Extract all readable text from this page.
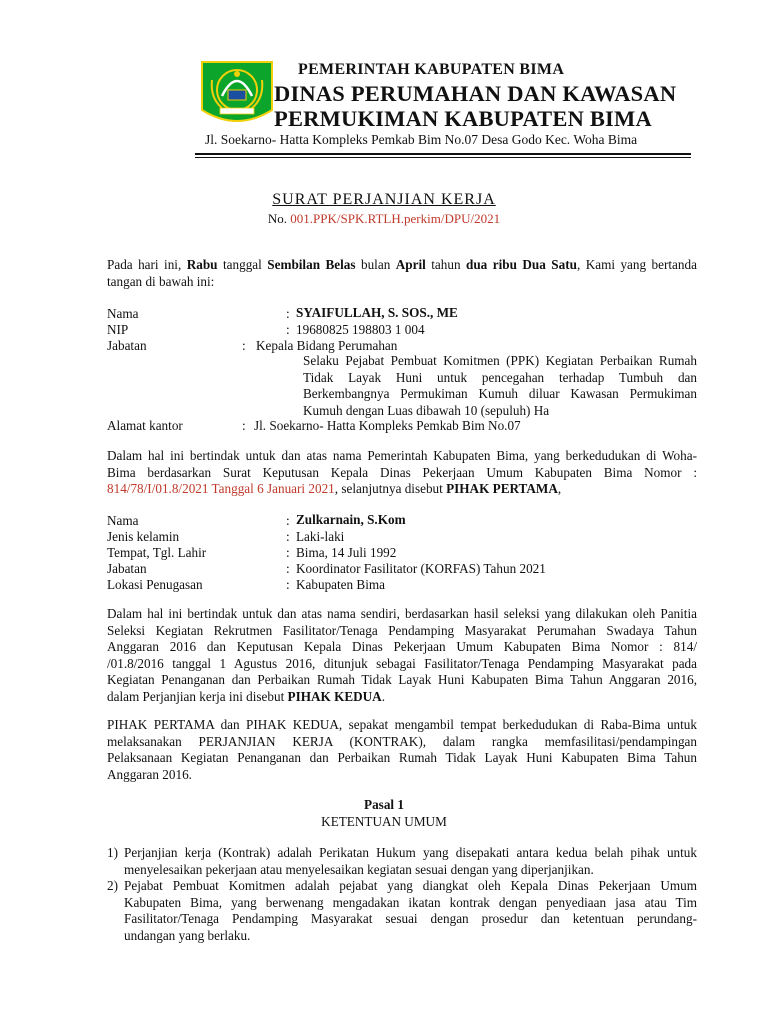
PEMERINTAH KABUPATEN BIMA
DINAS PERUMAHAN DAN KAWASAN
PERMUKIMAN KABUPATEN BIMA
Jl. Soekarno- Hatta Kompleks Pemkab Bim No.07 Desa Godo Kec. Woha Bima
SURAT PERJANJIAN KERJA
No. 001.PPK/SPK.RTLH.perkim/DPU/2021
Pada hari ini, Rabu tanggal Sembilan Belas bulan April tahun dua ribu Dua Satu, Kami yang bertanda tangan di bawah ini:
Nama	: SYAIFULLAH, S. SOS., ME
NIP	: 19680825 198803 1 004
Jabatan	: Kepala Bidang Perumahan
Selaku Pejabat Pembuat Komitmen (PPK) Kegiatan Perbaikan Rumah
Tidak Layak Huni untuk pencegahan terhadap Tumbuh dan
Berkembangnya Permukiman Kumuh diluar Kawasan Permukiman
Kumuh dengan Luas dibawah 10 (sepuluh) Ha
Alamat kantor	: Jl. Soekarno- Hatta Kompleks Pemkab Bim No.07
Dalam hal ini bertindak untuk dan atas nama Pemerintah Kabupaten Bima, yang berkedudukan di Woha-
Bima berdasarkan Surat Keputusan Kepala Dinas Pekerjaan Umum Kabupaten Bima Nomor :
814/78/I/01.8/2021 Tanggal 6 Januari 2021, selanjutnya disebut PIHAK PERTAMA,
Nama	: Zulkarnain, S.Kom
Jenis kelamin	: Laki-laki
Tempat, Tgl. Lahir	: Bima, 14 Juli 1992
Jabatan	: Koordinator Fasilitator (KORFAS) Tahun 2021
Lokasi Penugasan	: Kabupaten Bima
Dalam hal ini bertindak untuk dan atas nama sendiri, berdasarkan hasil seleksi yang dilakukan oleh Panitia
Seleksi Kegiatan Rekrutmen Fasilitator/Tenaga Pendamping Masyarakat Perumahan Swadaya Tahun
Anggaran 2016 dan Keputusan Kepala Dinas Pekerjaan Umum Kabupaten Bima Nomor : 814/
/01.8/2016 tanggal 1 Agustus 2016, ditunjuk sebagai Fasilitator/Tenaga Pendamping Masyarakat pada
Kegiatan Penanganan dan Perbaikan Rumah Tidak Layak Huni Kabupaten Bima Tahun Anggaran 2016,
dalam Perjanjian kerja ini disebut PIHAK KEDUA.
PIHAK PERTAMA dan PIHAK KEDUA, sepakat mengambil tempat berkedudukan di Raba-Bima untuk
melaksanakan PERJANJIAN KERJA (KONTRAK), dalam rangka memfasilitasi/pendampingan
Pelaksanaan Kegiatan Penanganan dan Perbaikan Rumah Tidak Layak Huni Kabupaten Bima Tahun
Anggaran 2016.
Pasal 1
KETENTUAN UMUM
1) Perjanjian kerja (Kontrak) adalah Perikatan Hukum yang disepakati antara kedua belah pihak untuk
menyelesaikan pekerjaan atau menyelesaikan kegiatan sesuai dengan yang diperjanjikan.
2) Pejabat Pembuat Komitmen adalah pejabat yang diangkat oleh Kepala Dinas Pekerjaan Umum
Kabupaten Bima, yang berwenang mengadakan ikatan kontrak dengan penyediaan jasa atau Tim
Fasilitator/Tenaga Pendamping Masyarakat sesuai dengan prosedur dan ketentuan perundang-
undangan yang berlaku.
